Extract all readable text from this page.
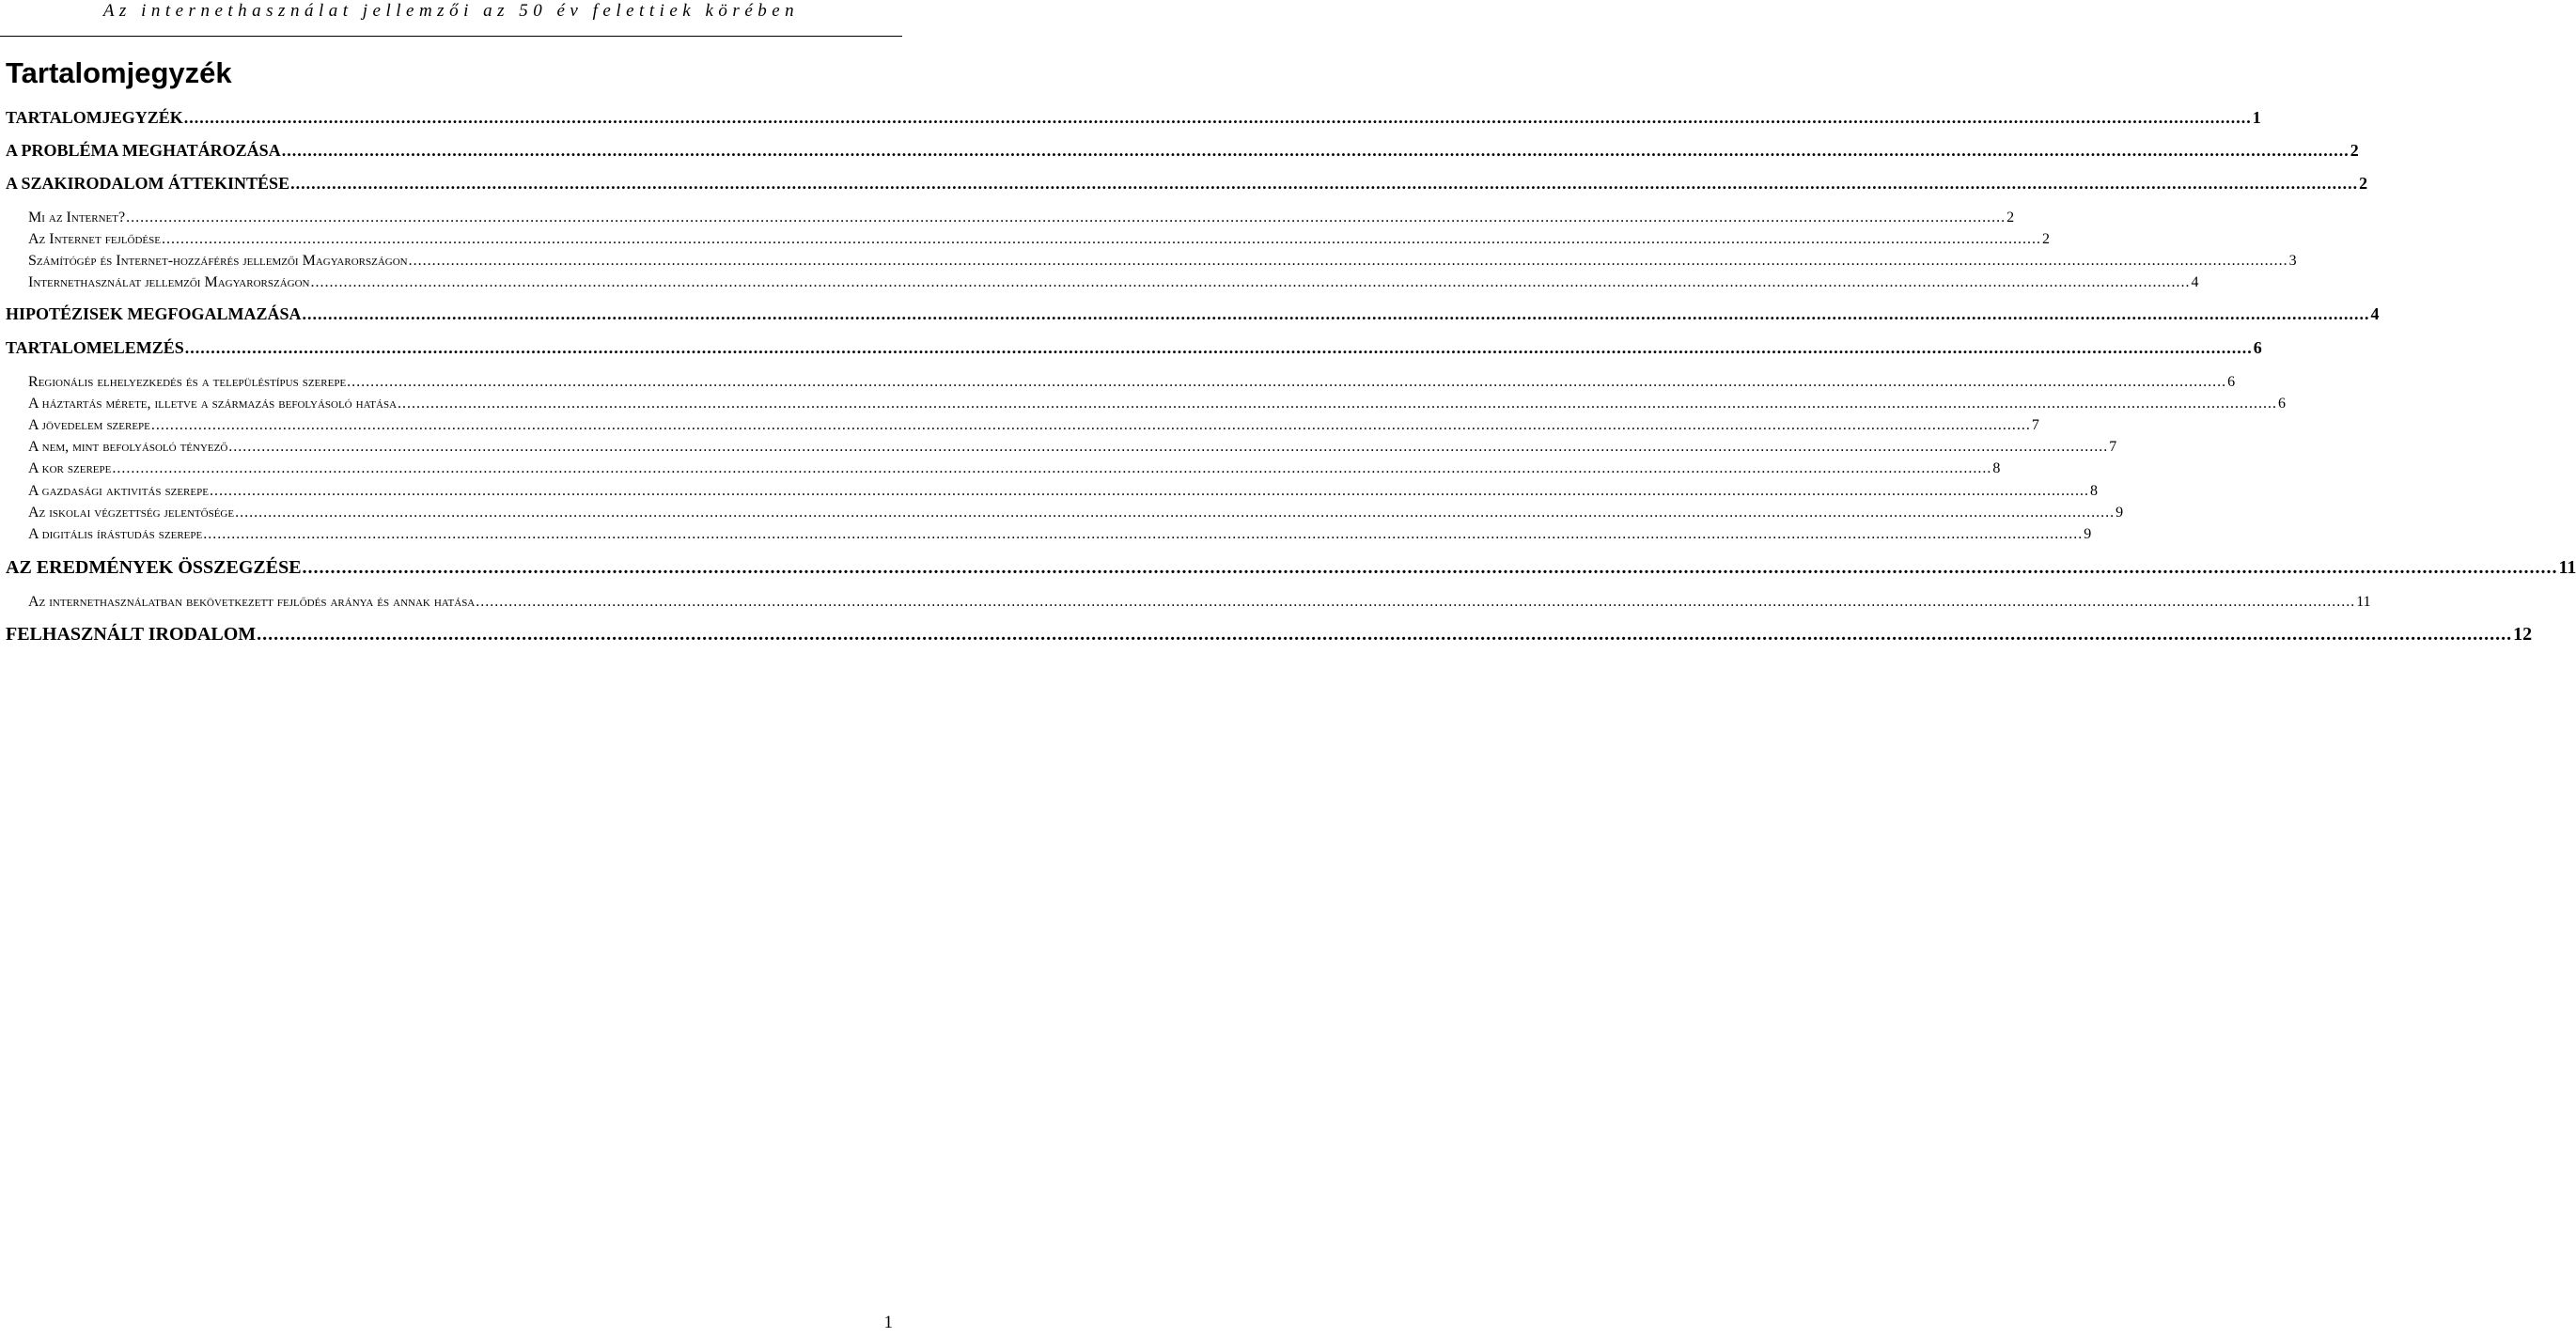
Az internethasználat jellemzői az 50 év felettiek körében
Tartalomjegyzék
TARTALOMJEGYZÉK ................................................................................................................................................................................................................................................................................................................................................................................................................ 1
A PROBLÉMA MEGHATÁROZÁSA ................................................................................................................................................................................................................................................................................................................................................................................................................ 2
A SZAKIRODALOM ÁTTEKINTÉSE ................................................................................................................................................................................................................................................................................................................................................................................................................ 2
Mi az Internet? ................................................................................................................................................................................................................................................................................................................................................................................................................ 2
Az Internet fejlődése ................................................................................................................................................................................................................................................................................................................................................................................................................ 2
Számítógép és Internet-hozzáférés jellemzői Magyarországon ................................................................................................................................................................................................................................................................................................................................................................................................................ 3
Internethasználat jellemzői Magyarországon ................................................................................................................................................................................................................................................................................................................................................................................................................ 4
HIPOTÉZISEK MEGFOGALMAZÁSA ................................................................................................................................................................................................................................................................................................................................................................................................................ 4
TARTALOMELEMZÉS ................................................................................................................................................................................................................................................................................................................................................................................................................ 6
Regionális elhelyezkedés és a településtípus szerepe ................................................................................................................................................................................................................................................................................................................................................................................................................ 6
A háztartás mérete, illetve a származás befolyásoló hatása ................................................................................................................................................................................................................................................................................................................................................................................................................ 6
A jövedelem szerepe ................................................................................................................................................................................................................................................................................................................................................................................................................ 7
A nem, mint befolyásoló tényező ................................................................................................................................................................................................................................................................................................................................................................................................................ 7
A kor szerepe ................................................................................................................................................................................................................................................................................................................................................................................................................ 8
A gazdasági aktivitás szerepe ................................................................................................................................................................................................................................................................................................................................................................................................................ 8
Az iskolai végzettség jelentősége ................................................................................................................................................................................................................................................................................................................................................................................................................ 9
A digitális írástudás szerepe ................................................................................................................................................................................................................................................................................................................................................................................................................ 9
AZ EREDMÉNYEK ÖSSZEGZÉSE ................................................................................................................................................................................................................................................................................................................................................................................................................ 11
Az internethasználatban bekövetkezett fejlődés aránya és annak hatása ................................................................................................................................................................................................................................................................................................................................................................................................................ 11
FELHASZNÁLT IRODALOM ................................................................................................................................................................................................................................................................................................................................................................................................................ 12
1
